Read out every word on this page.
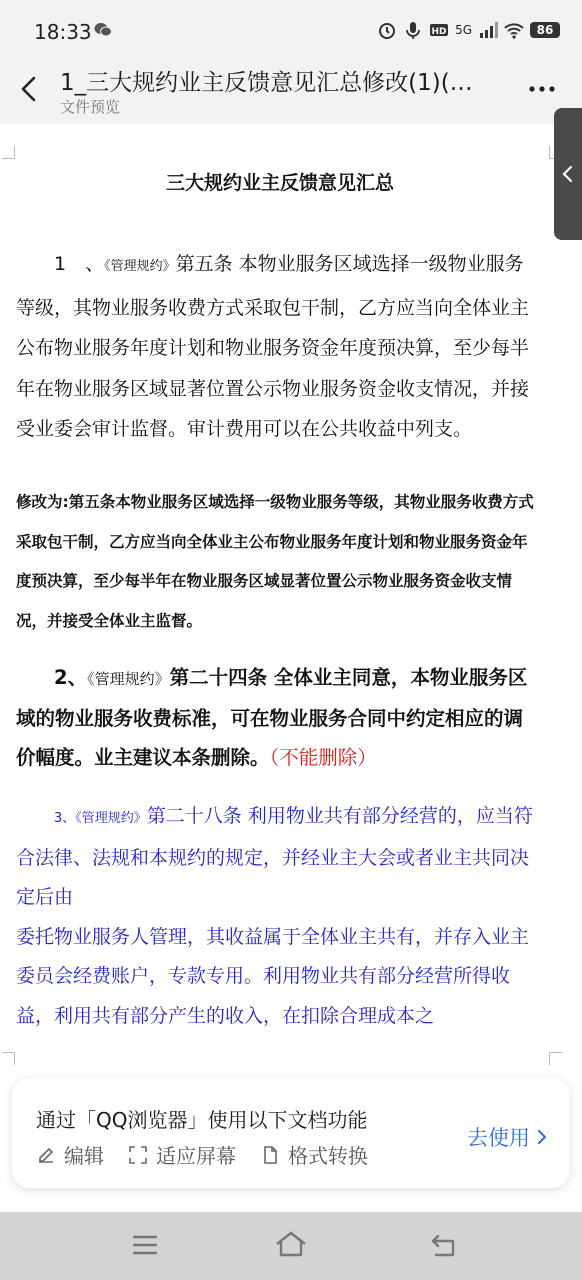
18:33	HD 5G	86
1_三大规约业主反馈意见汇总修改(1)(…
文件预览
三大规约业主反馈意见汇总

1　、《管理规约》第五条 本物业服务区域选择一级物业服务等级，其物业服务收费方式采取包干制，乙方应当向全体业主公布物业服务年度计划和物业服务资金年度预决算，至少每半年在物业服务区域显著位置公示物业服务资金收支情况，并接受业委会审计监督。审计费用可以在公共收益中列支。

修改为:第五条本物业服务区域选择一级物业服务等级，其物业服务收费方式采取包干制，乙方应当向全体业主公布物业服务年度计划和物业服务资金年度预决算，至少每半年在物业服务区域显著位置公示物业服务资金收支情况，并接受全体业主监督。

2、《管理规约》第二十四条 全体业主同意，本物业服务区域的物业服务收费标准，可在物业服务合同中约定相应的调价幅度。业主建议本条删除。（不能删除）

3、《管理规约》第二十八条 利用物业共有部分经营的，应当符合法律、法规和本规约的规定，并经业主大会或者业主共同决定后由
委托物业服务人管理，其收益属于全体业主共有，并存入业主委员会经费账户，专款专用。利用物业共有部分经营所得收益，利用共有部分产生的收入，在扣除合理成本之
通过「QQ浏览器」使用以下文档功能
编辑	适应屏幕	格式转换
去使用
